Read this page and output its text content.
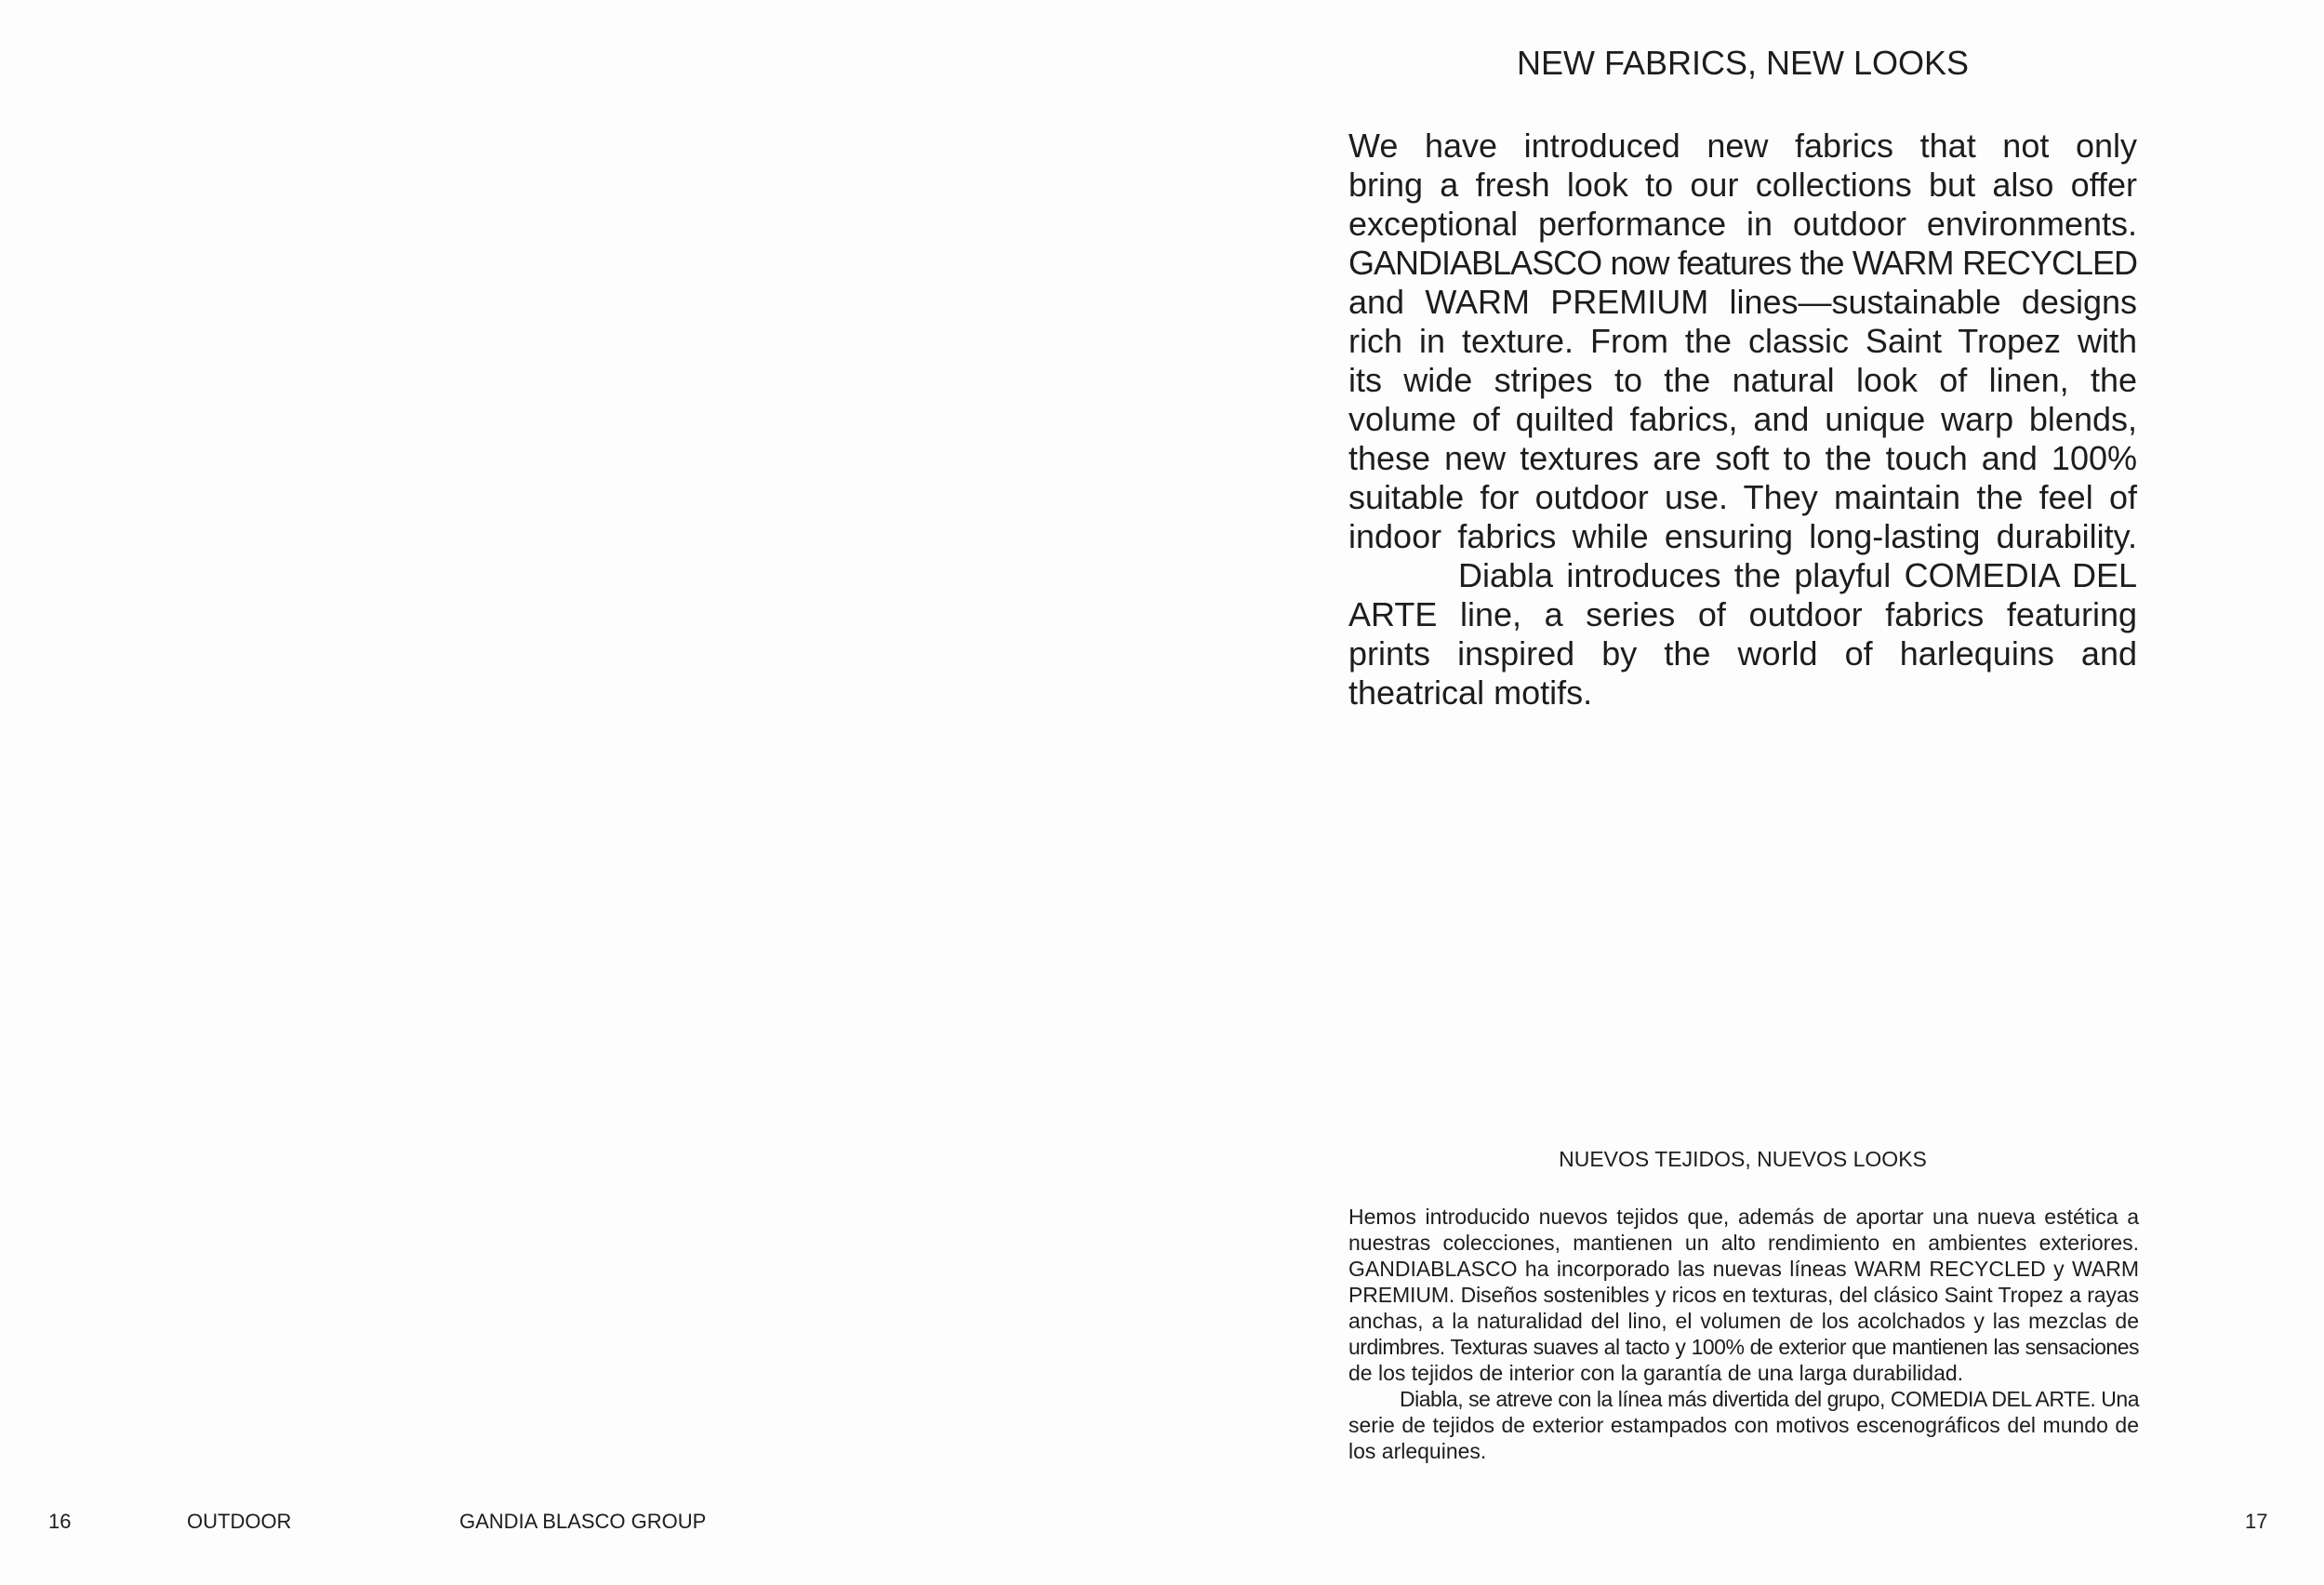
NEW FABRICS, NEW LOOKS
We have introduced new fabrics that not only
bring a fresh look to our collections but also offer
exceptional performance in outdoor environments.
GANDIABLASCO now features the WARM RECYCLED
and WARM PREMIUM lines—sustainable designs
rich in texture. From the classic Saint Tropez with
its wide stripes to the natural look of linen, the
volume of quilted fabrics, and unique warp blends,
these new textures are soft to the touch and 100%
suitable for outdoor use. They maintain the feel of
indoor fabrics while ensuring long-lasting durability.
Diabla introduces the playful COMEDIA DEL
ARTE line, a series of outdoor fabrics featuring
prints inspired by the world of harlequins and
theatrical motifs.
NUEVOS TEJIDOS, NUEVOS LOOKS
Hemos introducido nuevos tejidos que, además de aportar una nueva estética a
nuestras colecciones, mantienen un alto rendimiento en ambientes exteriores.
GANDIABLASCO ha incorporado las nuevas líneas WARM RECYCLED y WARM
PREMIUM. Diseños sostenibles y ricos en texturas, del clásico Saint Tropez a rayas
anchas, a la naturalidad del lino, el volumen de los acolchados y las mezclas de
urdimbres. Texturas suaves al tacto y 100% de exterior que mantienen las sensaciones
de los tejidos de interior con la garantía de una larga durabilidad.
Diabla, se atreve con la línea más divertida del grupo, COMEDIA DEL ARTE. Una
serie de tejidos de exterior estampados con motivos escenográficos del mundo de
los arlequines.
16	OUTDOOR	GANDIA BLASCO GROUP	17
